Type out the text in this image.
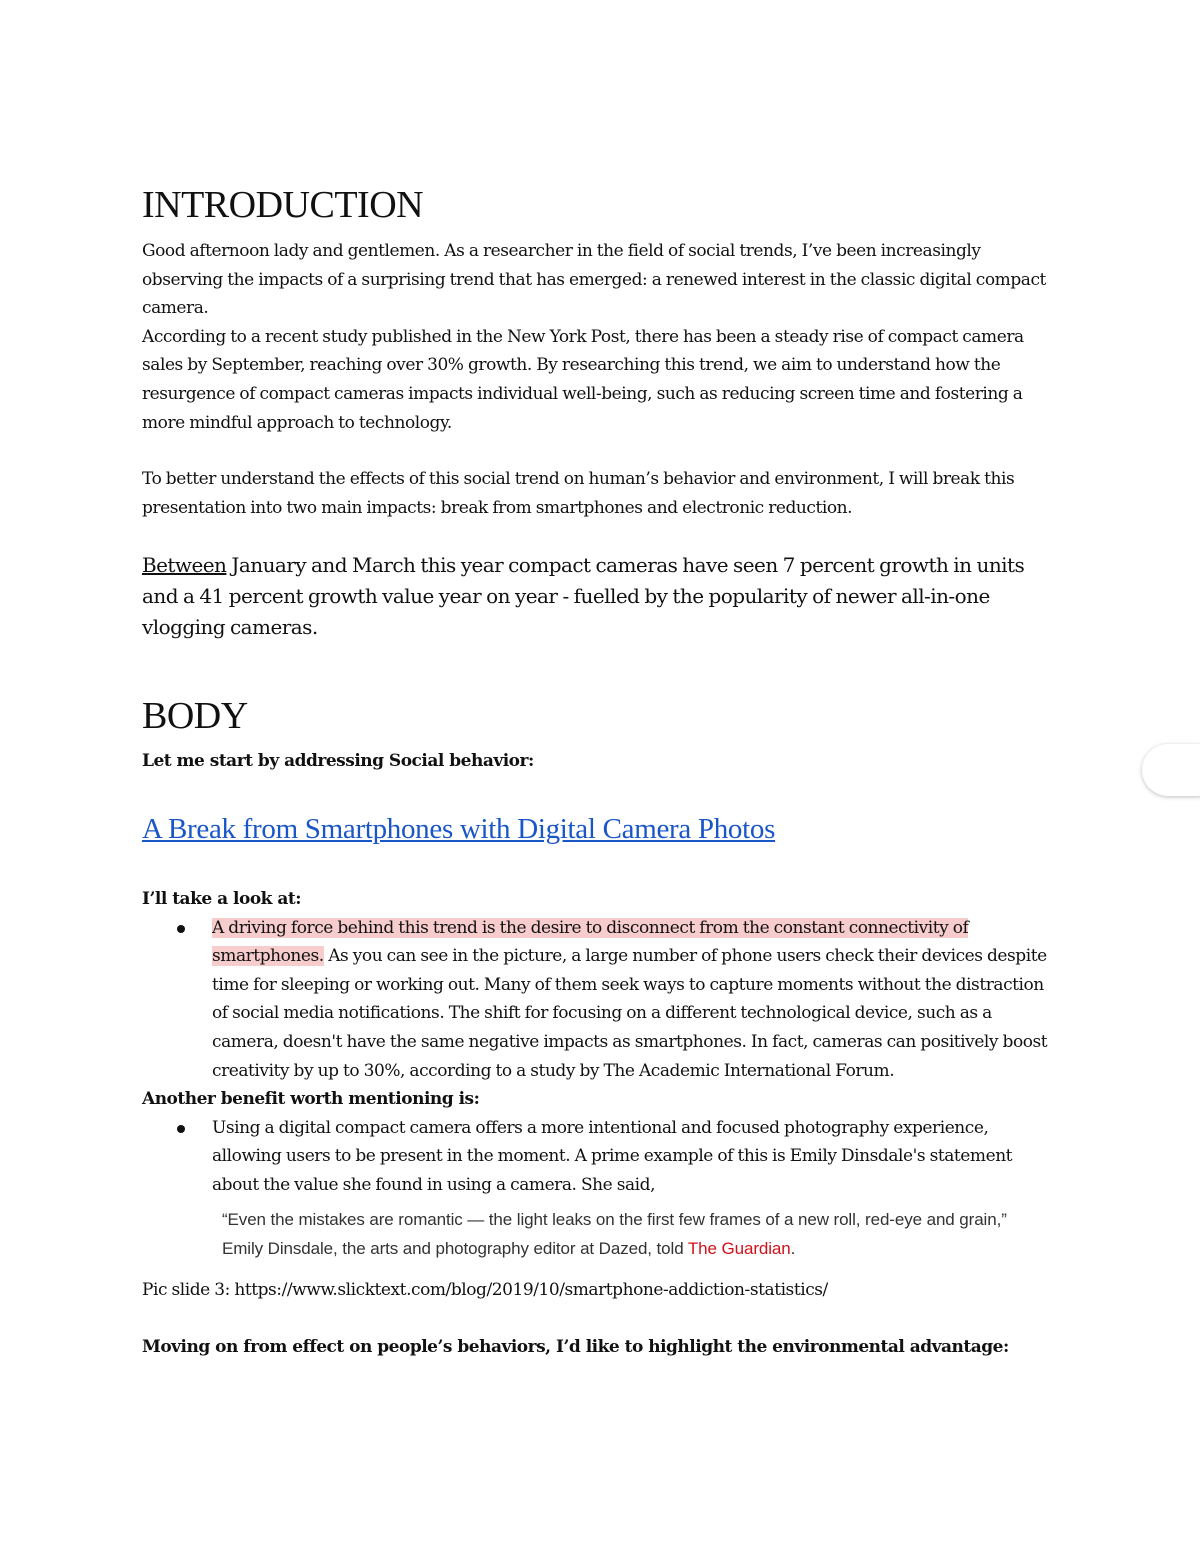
INTRODUCTION

Good afternoon lady and gentlemen. As a researcher in the field of social trends, I’ve been increasingly observing the impacts of a surprising trend that has emerged: a renewed interest in the classic digital compact camera.

According to a recent study published in the New York Post, there has been a steady rise of compact camera sales by September, reaching over 30% growth. By researching this trend, we aim to understand how the resurgence of compact cameras impacts individual well-being, such as reducing screen time and fostering a more mindful approach to technology.

To better understand the effects of this social trend on human’s behavior and environment, I will break this presentation into two main impacts: break from smartphones and electronic reduction.

Between January and March this year compact cameras have seen 7 percent growth in units and a 41 percent growth value year on year - fuelled by the popularity of newer all-in-one vlogging cameras.

BODY

Let me start by addressing Social behavior:

A Break from Smartphones with Digital Camera Photos

I’ll take a look at:

A driving force behind this trend is the desire to disconnect from the constant connectivity of smartphones. As you can see in the picture, a large number of phone users check their devices despite time for sleeping or working out. Many of them seek ways to capture moments without the distraction of social media notifications. The shift for focusing on a different technological device, such as a camera, doesn't have the same negative impacts as smartphones. In fact, cameras can positively boost creativity by up to 30%, according to a study by The Academic International Forum.

Another benefit worth mentioning is:

Using a digital compact camera offers a more intentional and focused photography experience, allowing users to be present in the moment. A prime example of this is Emily Dinsdale's statement about the value she found in using a camera. She said,
“Even the mistakes are romantic — the light leaks on the first few frames of a new roll, red-eye and grain,”
Emily Dinsdale, the arts and photography editor at Dazed, told The Guardian.

Pic slide 3: https://www.slicktext.com/blog/2019/10/smartphone-addiction-statistics/

Moving on from effect on people’s behaviors, I’d like to highlight the environmental advantage:
